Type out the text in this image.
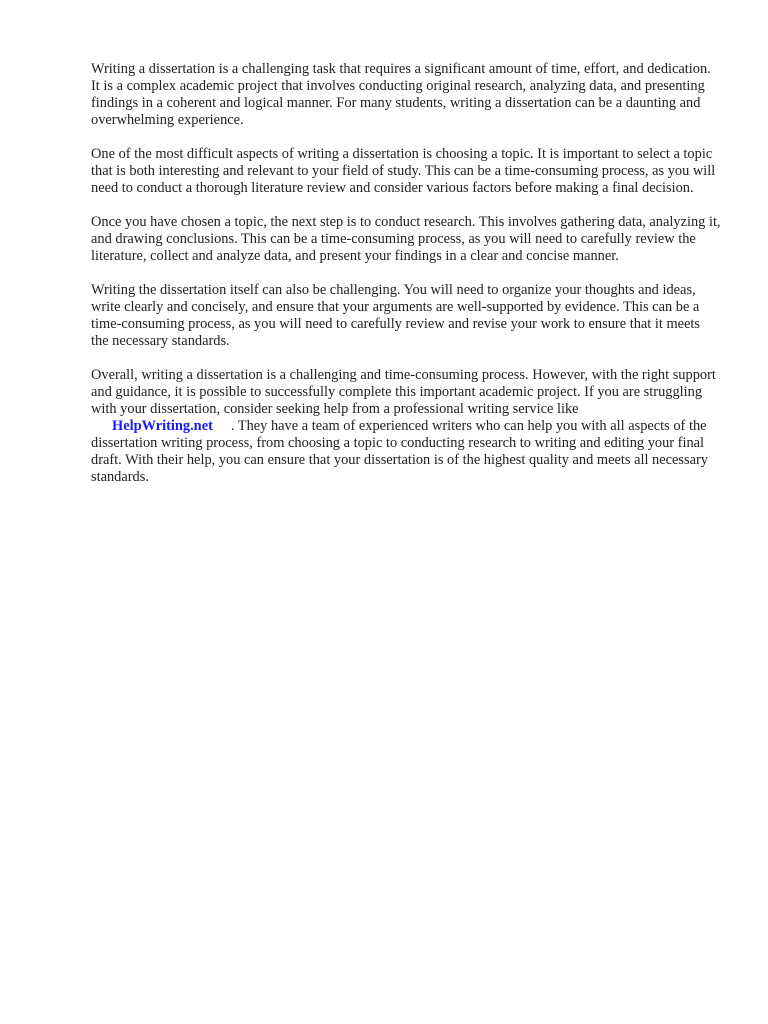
Writing a dissertation is a challenging task that requires a significant amount of time, effort, and dedication. It is a complex academic project that involves conducting original research, analyzing data, and presenting findings in a coherent and logical manner. For many students, writing a dissertation can be a daunting and overwhelming experience.

One of the most difficult aspects of writing a dissertation is choosing a topic. It is important to select a topic that is both interesting and relevant to your field of study. This can be a time-consuming process, as you will need to conduct a thorough literature review and consider various factors before making a final decision.

Once you have chosen a topic, the next step is to conduct research. This involves gathering data, analyzing it, and drawing conclusions. This can be a time-consuming process, as you will need to carefully review the literature, collect and analyze data, and present your findings in a clear and concise manner.

Writing the dissertation itself can also be challenging. You will need to organize your thoughts and ideas, write clearly and concisely, and ensure that your arguments are well-supported by evidence. This can be a time-consuming process, as you will need to carefully review and revise your work to ensure that it meets the necessary standards.

Overall, writing a dissertation is a challenging and time-consuming process. However, with the right support and guidance, it is possible to successfully complete this important academic project. If you are struggling with your dissertation, consider seeking help from a professional writing service like HelpWriting.net . They have a team of experienced writers who can help you with all aspects of the dissertation writing process, from choosing a topic to conducting research to writing and editing your final draft. With their help, you can ensure that your dissertation is of the highest quality and meets all necessary standards.
